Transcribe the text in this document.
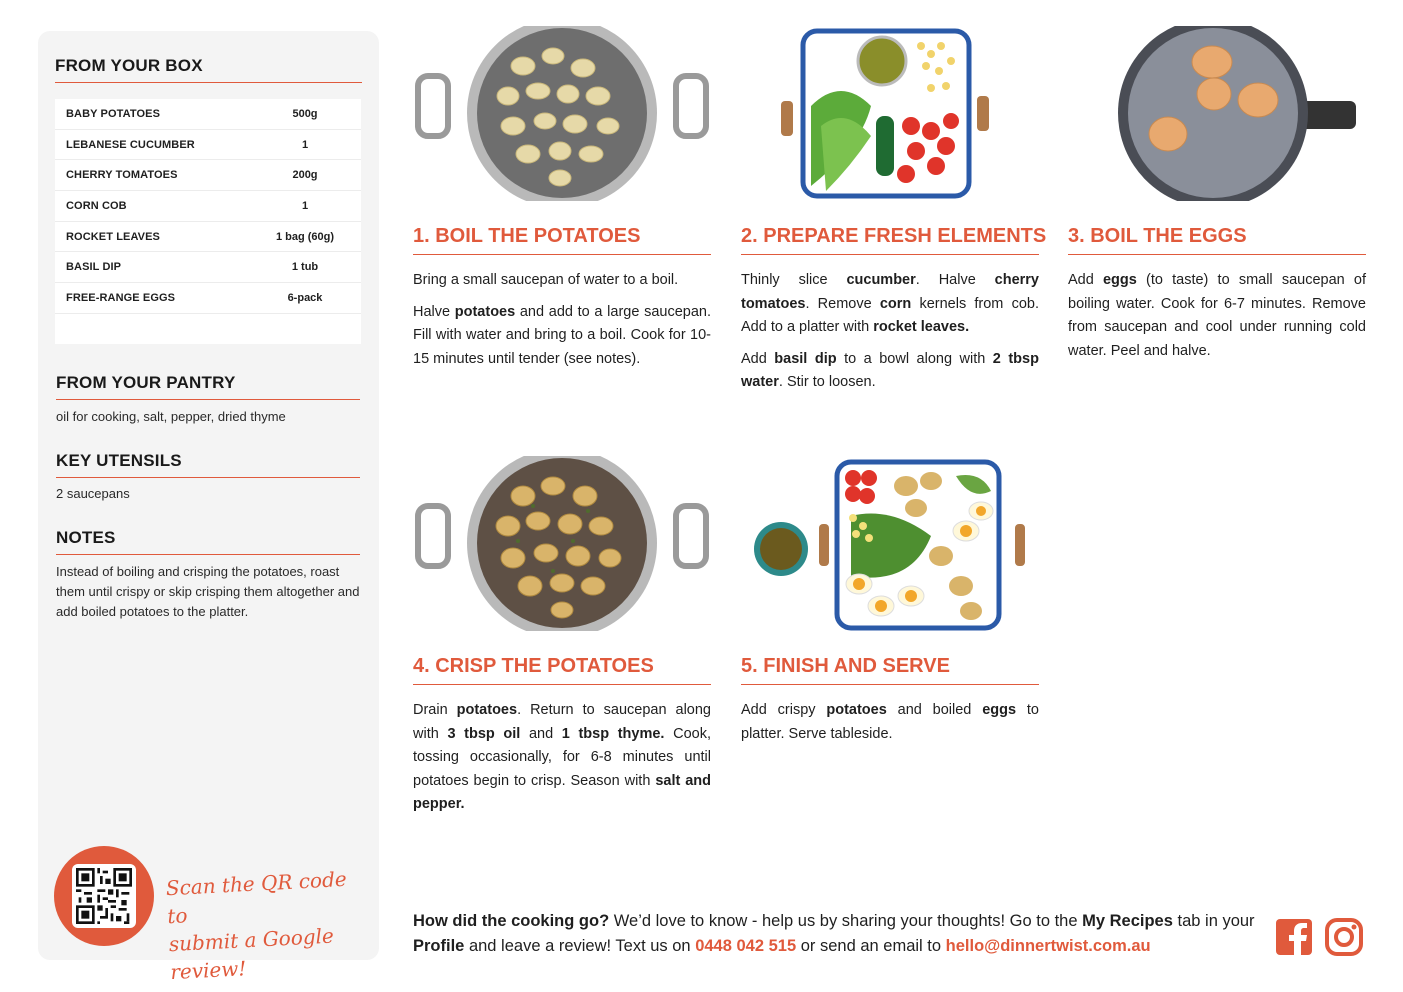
FROM YOUR BOX
BABY POTATOES	500g
LEBANESE CUCUMBER	1
CHERRY TOMATOES	200g
CORN COB	1
ROCKET LEAVES	1 bag (60g)
BASIL DIP	1 tub
FREE-RANGE EGGS	6-pack
FROM YOUR PANTRY
oil for cooking, salt, pepper, dried thyme
KEY UTENSILS
2 saucepans
NOTES
Instead of boiling and crisping the potatoes, roast them until crispy or skip crisping them altogether and add boiled potatoes to the platter.
Scan the QR code to
submit a Google review!
1. BOIL THE POTATOES

Bring a small saucepan of water to a boil.

Halve potatoes and add to a large saucepan. Fill with water and bring to a boil. Cook for 10-15 minutes until tender (see notes).

2. PREPARE FRESH ELEMENTS

Thinly slice cucumber. Halve cherry tomatoes. Remove corn kernels from cob. Add to a platter with rocket leaves.

Add basil dip to a bowl along with 2 tbsp water. Stir to loosen.

3. BOIL THE EGGS

Add eggs (to taste) to small saucepan of boiling water. Cook for 6-7 minutes. Remove from saucepan and cool under running cold water. Peel and halve.

4. CRISP THE POTATOES

Drain potatoes. Return to saucepan along with 3 tbsp oil and 1 tbsp thyme. Cook, tossing occasionally, for 6-8 minutes until potatoes begin to crisp. Season with salt and pepper.

5. FINISH AND SERVE

Add crispy potatoes and boiled eggs to platter. Serve tableside.

How did the cooking go? We’d love to know - help us by sharing your thoughts! Go to the My Recipes tab in your Profile and leave a review! Text us on 0448 042 515 or send an email to hello@dinnertwist.com.au
